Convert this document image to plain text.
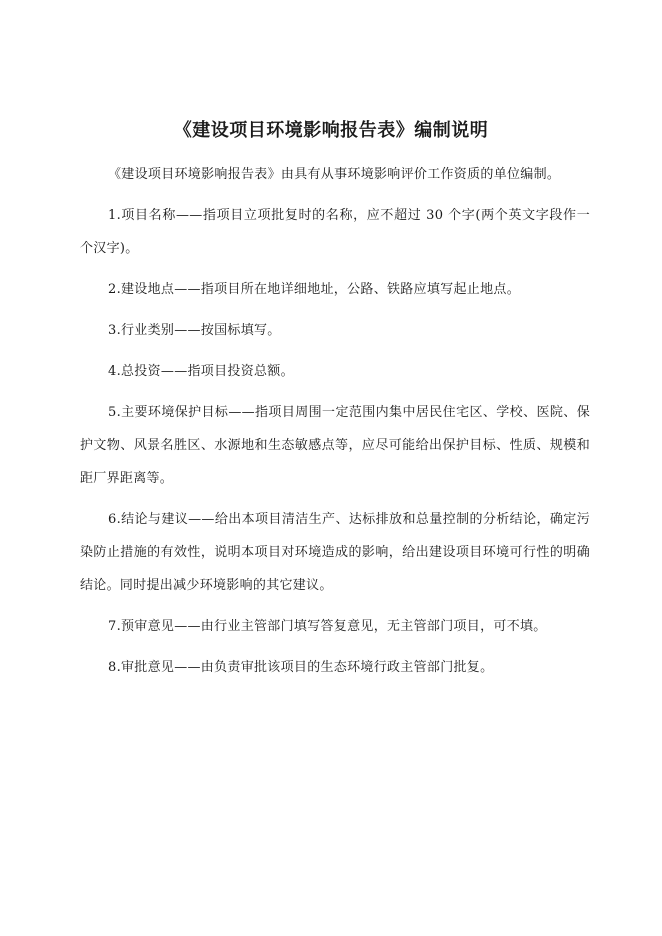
《建设项目环境影响报告表》编制说明

《建设项目环境影响报告表》由具有从事环境影响评价工作资质的单位编制。

1.项目名称——指项目立项批复时的名称，应不超过 30 个字(两个英文字段作一个汉字)。

2.建设地点——指项目所在地详细地址，公路、铁路应填写起止地点。

3.行业类别——按国标填写。

4.总投资——指项目投资总额。

5.主要环境保护目标——指项目周围一定范围内集中居民住宅区、学校、医院、保护文物、风景名胜区、水源地和生态敏感点等，应尽可能给出保护目标、性质、规模和距厂界距离等。

6.结论与建议——给出本项目清洁生产、达标排放和总量控制的分析结论，确定污染防止措施的有效性，说明本项目对环境造成的影响，给出建设项目环境可行性的明确结论。同时提出减少环境影响的其它建议。

7.预审意见——由行业主管部门填写答复意见，无主管部门项目，可不填。

8.审批意见——由负责审批该项目的生态环境行政主管部门批复。
